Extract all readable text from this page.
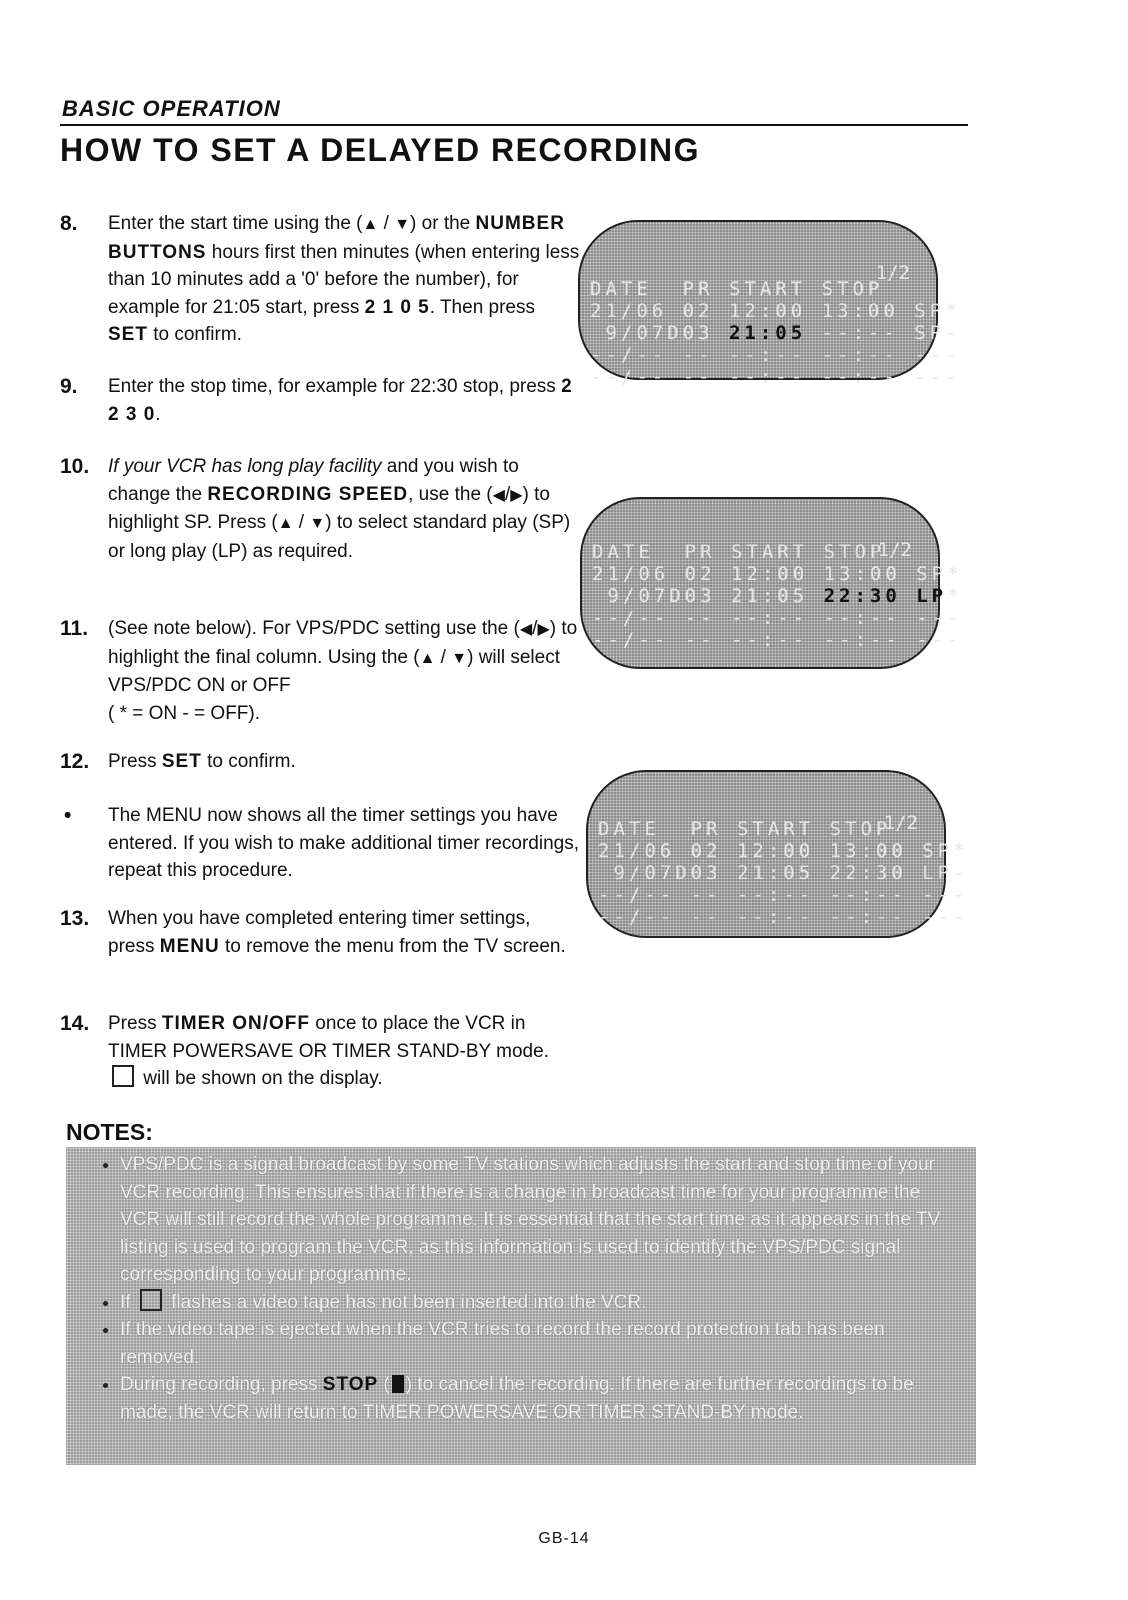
BASIC OPERATION
HOW TO SET A DELAYED RECORDING
8. Enter the start time using the (▲ / ▼) or the NUMBER BUTTONS hours first then minutes (when entering less than 10 minutes add a '0' before the number), for example for 21:05 start, press 2 1 0 5. Then press SET to confirm.
9. Enter the stop time, for example for 22:30 stop, press 2 2 3 0.
10. If your VCR has long play facility and you wish to change the RECORDING SPEED, use the (◀/▶) to highlight SP. Press (▲ / ▼) to select standard play (SP) or long play (LP) as required.
11. (See note below). For VPS/PDC setting use the (◀/▶) to highlight the final column. Using the (▲ / ▼) will select VPS/PDC ON or OFF
( * = ON - = OFF).
12. Press SET to confirm.
• The MENU now shows all the timer settings you have entered. If you wish to make additional timer recordings, repeat this procedure.
13. When you have completed entering timer settings, press MENU to remove the menu from the TV screen.
14. Press TIMER ON/OFF once to place the VCR in TIMER POWERSAVE OR TIMER STAND-BY mode.  will be shown on the display.
1/2
DATE  PR START STOP
21/06 02 12:00 13:00 SP*
9/07D03 21:05 --:-- SP-
--/-- -- --:-- --:-- ---
--/-- -- --:-- --:-- ---
1/2
DATE  PR START STOP
21/06 02 12:00 13:00 SP*
9/07D03 21:05 22:30 LP*
--/-- -- --:-- --:-- ---
--/-- -- --:-- --:-- ---
1/2
DATE  PR START STOP
21/06 02 12:00 13:00 SP*
9/07D03 21:05 22:30 LP-
--/-- -- --:-- --:-- ---
--/-- -- --:-- --:-- ---
NOTES:
• VPS/PDC is a signal broadcast by some TV stations which adjusts the start and stop time of your VCR recording. This ensures that if there is a change in broadcast time for your programme the VCR will still record the whole programme. It is essential that the start time as it appears in the TV listing is used to program the VCR, as this information is used to identify the VPS/PDC signal corresponding to your programme.
• If  flashes a video tape has not been inserted into the VCR.
• If the video tape is ejected when the VCR tries to record the record protection tab has been removed.
• During recording, press STOP ( ) to cancel the recording. If there are further recordings to be made, the VCR will return to TIMER POWERSAVE OR TIMER STAND-BY mode.
GB-14
